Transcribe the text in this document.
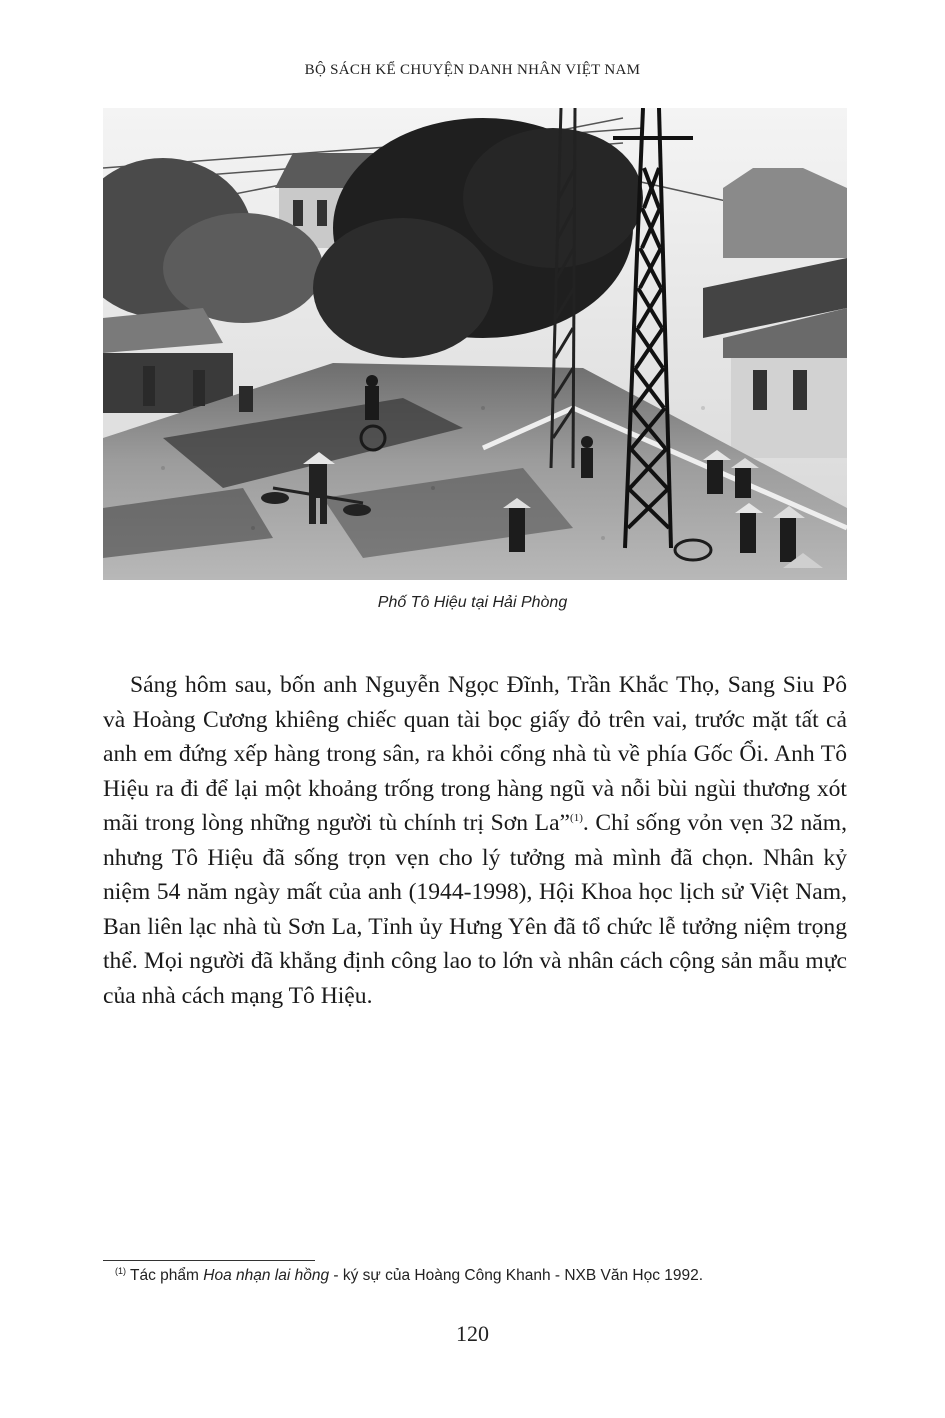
BỘ SÁCH KỂ CHUYỆN DANH NHÂN VIỆT NAM
Phố Tô Hiệu tại Hải Phòng

Sáng hôm sau, bốn anh Nguyễn Ngọc Đĩnh, Trần Khắc Thọ, Sang Siu Pô và Hoàng Cương khiêng chiếc quan tài bọc giấy đỏ trên vai, trước mặt tất cả anh em đứng xếp hàng trong sân, ra khỏi cổng nhà tù về phía Gốc Ổi. Anh Tô Hiệu ra đi để lại một khoảng trống trong hàng ngũ và nỗi bùi ngùi thương xót mãi trong lòng những người tù chính trị Sơn La”$^{(1)}$. Chỉ sống vỏn vẹn 32 năm, nhưng Tô Hiệu đã sống trọn vẹn cho lý tưởng mà mình đã chọn. Nhân kỷ niệm 54 năm ngày mất của anh (1944-1998), Hội Khoa học lịch sử Việt Nam, Ban liên lạc nhà tù Sơn La, Tỉnh ủy Hưng Yên đã tổ chức lễ tưởng niệm trọng thể. Mọi người đã khẳng định công lao to lớn và nhân cách cộng sản mẫu mực của nhà cách mạng Tô Hiệu.

$^{(1)}$ Tác phẩm Hoa nhạn lai hồng - ký sự của Hoàng Công Khanh - NXB Văn Học 1992.
120
